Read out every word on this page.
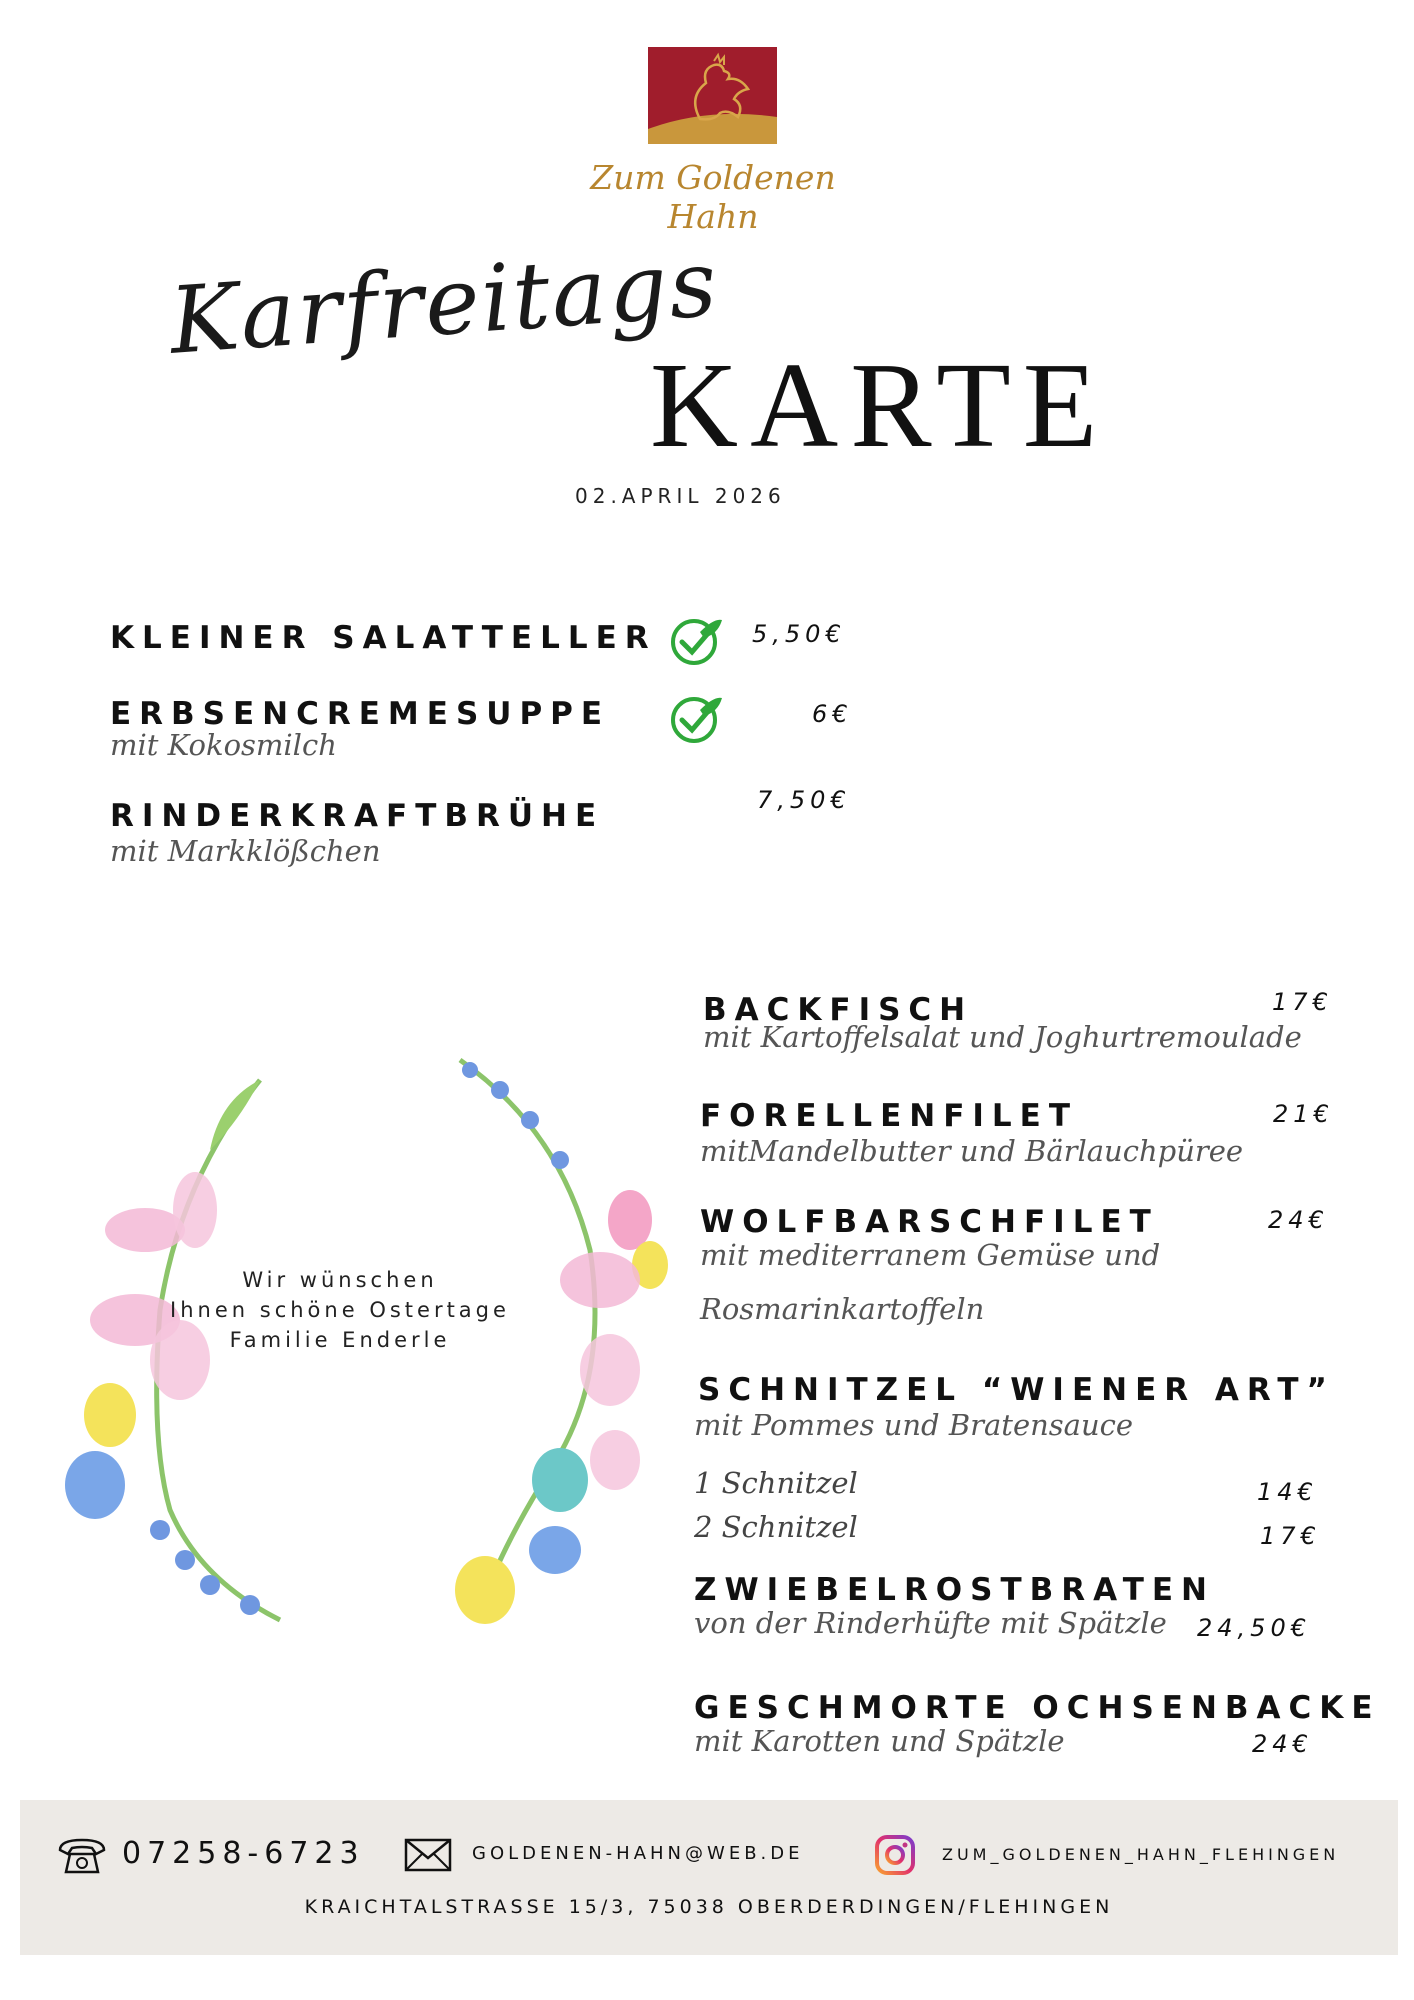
Zum Goldenen Hahn
Karfreitags
KARTE
02.APRIL 2026
KLEINER SALATTELLER	5,50€
ERBSENCREMESUPPE
mit Kokosmilch
6€
RINDERKRAFTBRÜHE
mit Markklößchen
7,50€
Wir wünschen
Ihnen schöne Ostertage
Familie Enderle
BACKFISCH
mit Kartoffelsalat und Joghurtremoulade
17€
FORELLENFILET
mitMandelbutter und Bärlauchpüree
21€
WOLFBARSCHFILET
mit mediterranem Gemüse und
Rosmarinkartoffeln
24€
SCHNITZEL “WIENER ART”
mit Pommes und Bratensauce
1 Schnitzel	14€
2 Schnitzel	17€
ZWIEBELROSTBRATEN
von der Rinderhüfte mit Spätzle 24,50€
GESCHMORTE OCHSENBACKE
mit Karotten und Spätzle	24€
07258-6723	GOLDENEN-HAHN@WEB.DE	ZUM_GOLDENEN_HAHN_FLEHINGEN
KRAICHTALSTRASSE 15/3, 75038 OBERDERDINGEN/FLEHINGEN
